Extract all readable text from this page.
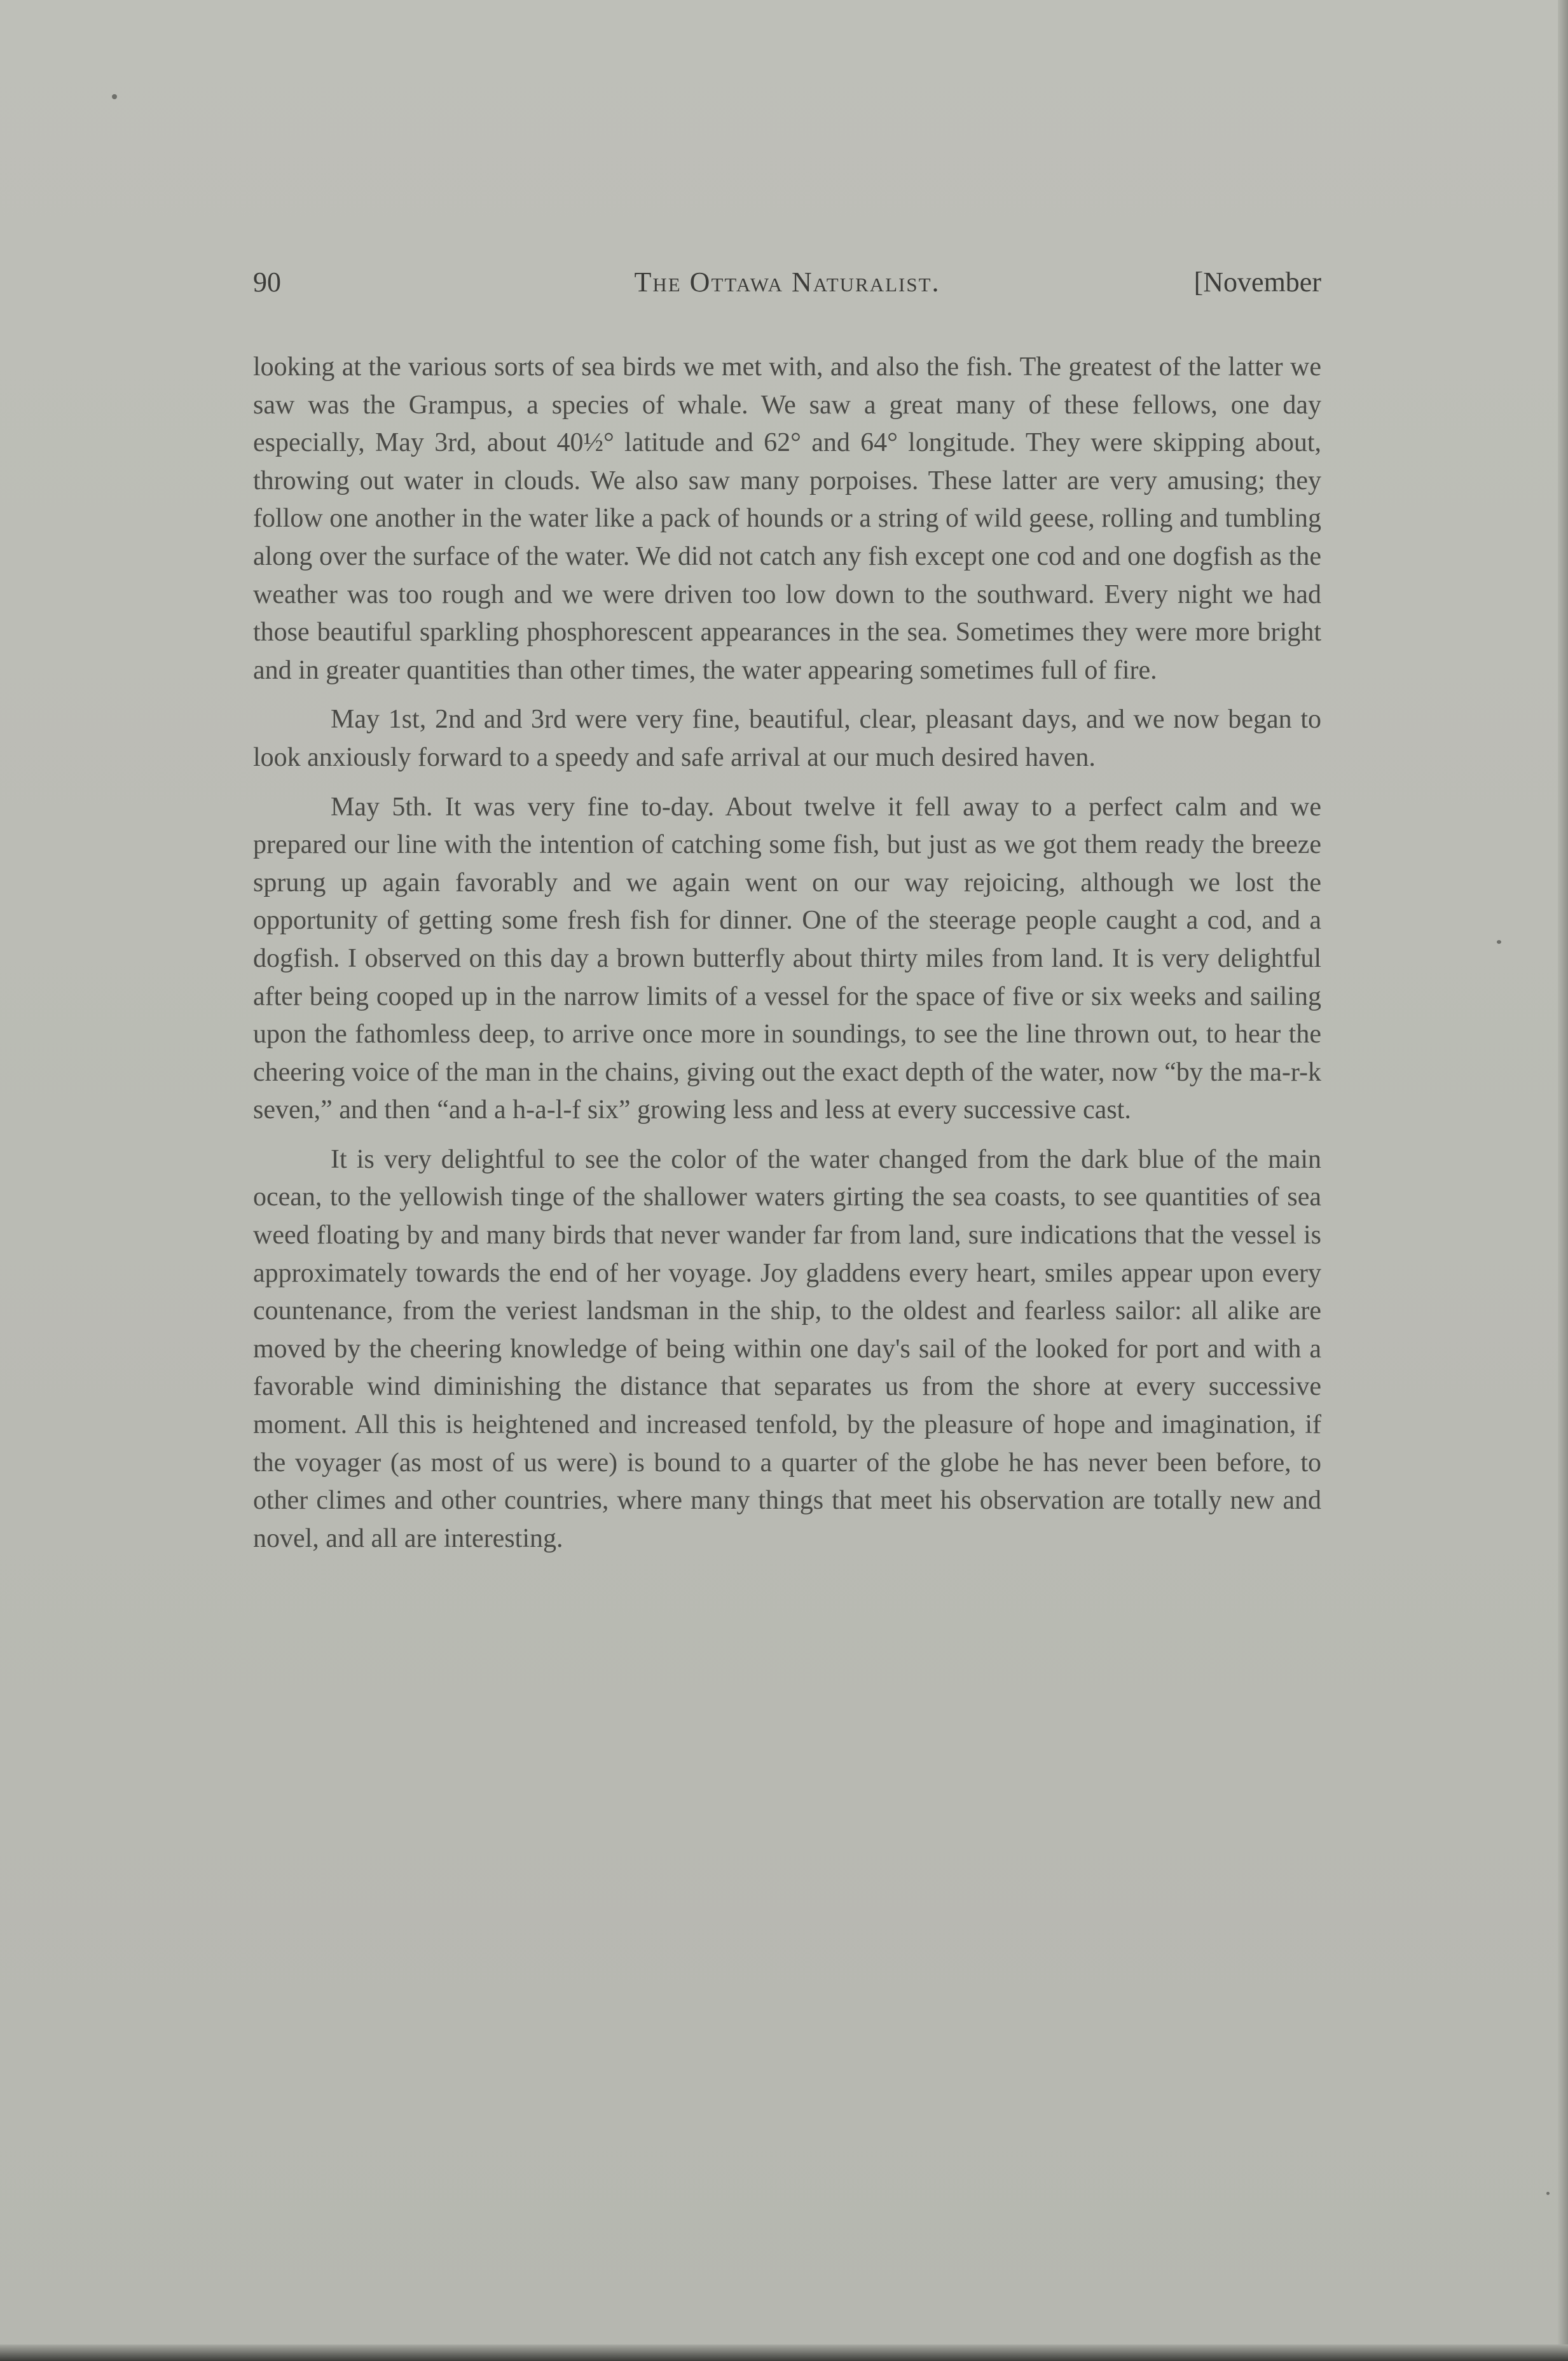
90	The Ottawa Naturalist.	[November

looking at the various sorts of sea birds we met with, and also the fish. The greatest of the latter we saw was the Grampus, a species of whale. We saw a great many of these fellows, one day especially, May 3rd, about 40½° latitude and 62° and 64° longitude. They were skipping about, throwing out water in clouds. We also saw many porpoises. These latter are very amusing; they follow one another in the water like a pack of hounds or a string of wild geese, rolling and tumbling along over the surface of the water. We did not catch any fish except one cod and one dogfish as the weather was too rough and we were driven too low down to the southward. Every night we had those beautiful sparkling phosphorescent appearances in the sea. Sometimes they were more bright and in greater quantities than other times, the water appearing sometimes full of fire.

May 1st, 2nd and 3rd were very fine, beautiful, clear, pleasant days, and we now began to look anxiously forward to a speedy and safe arrival at our much desired haven.

May 5th. It was very fine to-day. About twelve it fell away to a perfect calm and we prepared our line with the intention of catching some fish, but just as we got them ready the breeze sprung up again favorably and we again went on our way rejoicing, although we lost the opportunity of getting some fresh fish for dinner. One of the steerage people caught a cod, and a dogfish. I observed on this day a brown butterfly about thirty miles from land. It is very delightful after being cooped up in the narrow limits of a vessel for the space of five or six weeks and sailing upon the fathomless deep, to arrive once more in soundings, to see the line thrown out, to hear the cheering voice of the man in the chains, giving out the exact depth of the water, now “by the ma-r-k seven,” and then “and a h-a-l-f six” growing less and less at every successive cast.

It is very delightful to see the color of the water changed from the dark blue of the main ocean, to the yellowish tinge of the shallower waters girting the sea coasts, to see quantities of sea weed floating by and many birds that never wander far from land, sure indications that the vessel is approximately towards the end of her voyage. Joy gladdens every heart, smiles appear upon every countenance, from the veriest landsman in the ship, to the oldest and fearless sailor: all alike are moved by the cheering knowledge of being within one day's sail of the looked for port and with a favorable wind diminishing the distance that separates us from the shore at every successive moment. All this is heightened and increased tenfold, by the pleasure of hope and imagination, if the voyager (as most of us were) is bound to a quarter of the globe he has never been before, to other climes and other countries, where many things that meet his observation are totally new and novel, and all are interesting.
